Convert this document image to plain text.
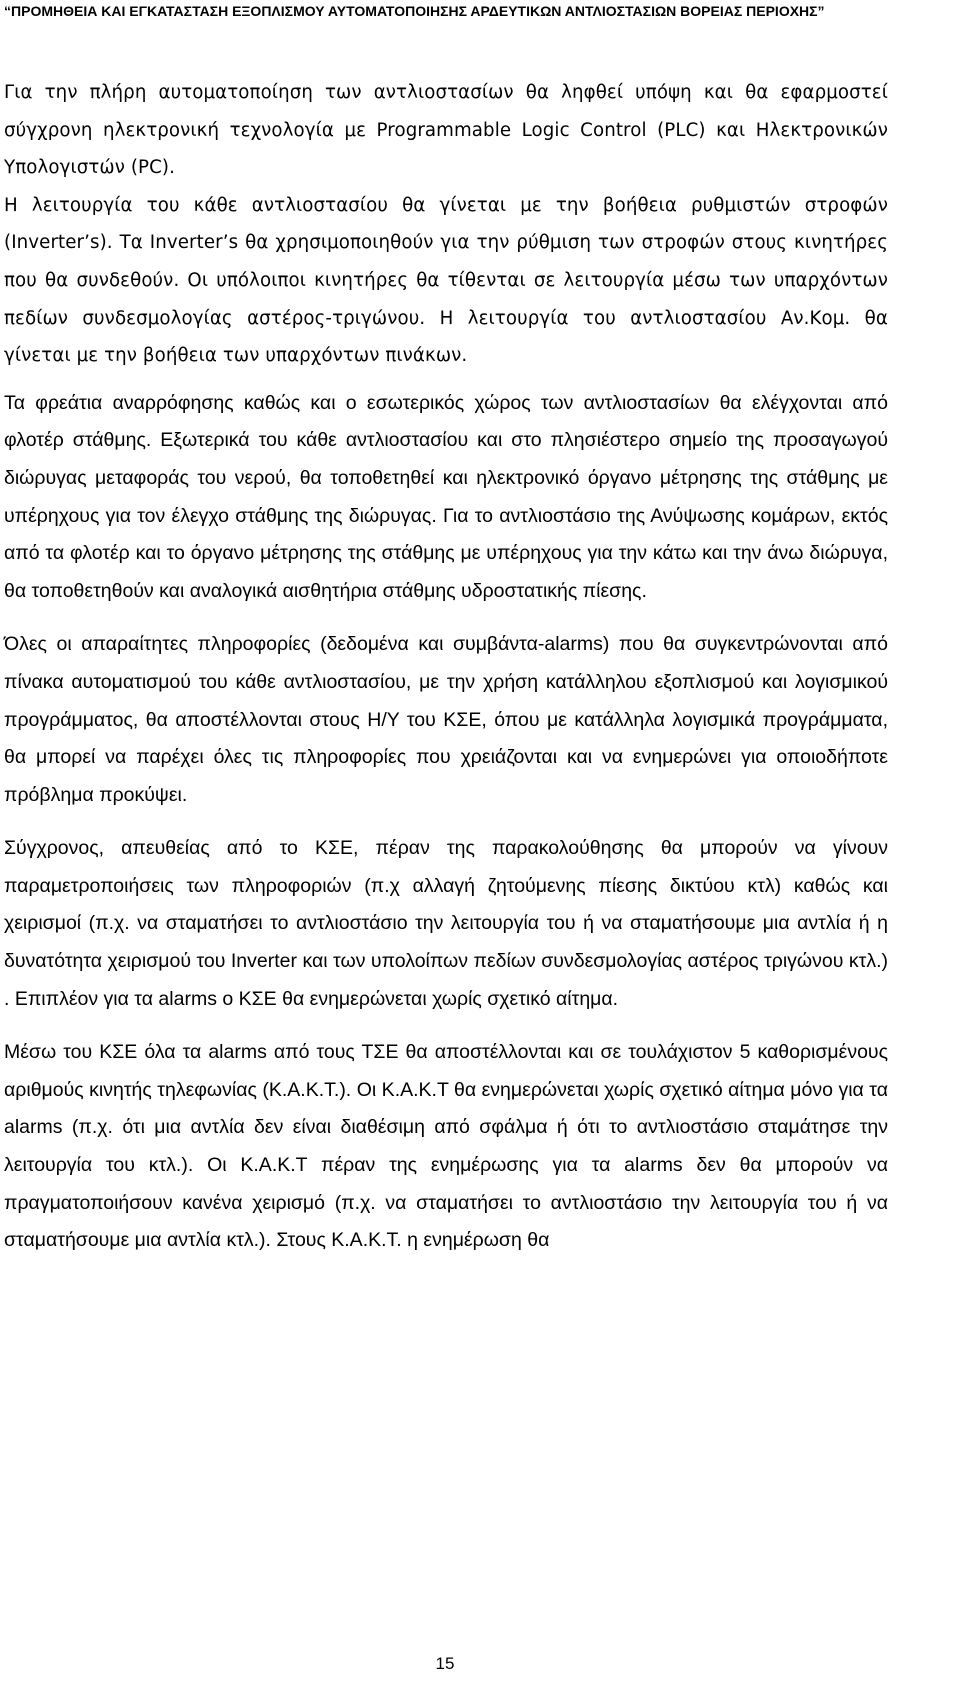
“ΠΡΟΜΗΘΕΙΑ ΚΑΙ ΕΓΚΑΤΑΣΤΑΣΗ ΕΞΟΠΛΙΣΜΟΥ ΑΥΤΟΜΑΤΟΠΟΙΗΣΗΣ ΑΡΔΕΥΤΙΚΩΝ ΑΝΤΛΙΟΣΤΑΣΙΩΝ ΒΟΡΕΙΑΣ ΠΕΡΙΟΧΗΣ”

Για την πλήρη αυτοματοποίηση των αντλιοστασίων θα ληφθεί υπόψη και θα εφαρμοστεί σύγχρονη ηλεκτρονική τεχνολογία με Programmable Logic Control (PLC) και Ηλεκτρονικών Υπολογιστών (PC).

Η λειτουργία του κάθε αντλιοστασίου θα γίνεται με την βοήθεια ρυθμιστών στροφών (Inverter’s). Τα Inverter’s θα χρησιμοποιηθούν για την ρύθμιση των στροφών στους κινητήρες που θα συνδεθούν. Οι υπόλοιποι κινητήρες θα τίθενται σε λειτουργία μέσω των υπαρχόντων πεδίων συνδεσμολογίας αστέρος-τριγώνου. Η λειτουργία του αντλιοστασίου Αν.Κομ. θα γίνεται με την βοήθεια των υπαρχόντων πινάκων.

Τα φρεάτια αναρρόφησης καθώς και ο εσωτερικός χώρος των αντλιοστασίων θα ελέγχονται από φλοτέρ στάθμης. Εξωτερικά του κάθε αντλιοστασίου και στο πλησιέστερο σημείο της προσαγωγού διώρυγας μεταφοράς του νερού, θα τοποθετηθεί και ηλεκτρονικό όργανο μέτρησης της στάθμης με υπέρηχους για τον έλεγχο στάθμης της διώρυγας. Για το αντλιοστάσιο της Ανύψωσης κομάρων, εκτός από τα φλοτέρ και το όργανο μέτρησης της στάθμης με υπέρηχους για την κάτω και την άνω διώρυγα, θα τοποθετηθούν και αναλογικά αισθητήρια στάθμης υδροστατικής πίεσης.

Όλες οι απαραίτητες πληροφορίες (δεδομένα και συμβάντα-alarms) που θα συγκεντρώνονται από πίνακα αυτοματισμού του κάθε αντλιοστασίου, με την χρήση κατάλληλου εξοπλισμού και λογισμικού προγράμματος, θα αποστέλλονται στους Η/Υ του ΚΣΕ, όπου με κατάλληλα λογισμικά προγράμματα, θα μπορεί να παρέχει όλες τις πληροφορίες που χρειάζονται και να ενημερώνει για οποιοδήποτε πρόβλημα προκύψει.

Σύγχρονος, απευθείας από το ΚΣΕ, πέραν της παρακολούθησης θα μπορούν να γίνουν παραμετροποιήσεις των πληροφοριών (π.χ αλλαγή ζητούμενης πίεσης δικτύου κτλ) καθώς και χειρισμοί (π.χ. να σταματήσει το αντλιοστάσιο την λειτουργία του ή να σταματήσουμε μια αντλία ή η δυνατότητα χειρισμού του Inverter και των υπολοίπων πεδίων συνδεσμολογίας αστέρος τριγώνου κτλ.) . Επιπλέον για τα alarms ο ΚΣΕ θα ενημερώνεται χωρίς σχετικό αίτημα.

Μέσω του ΚΣΕ όλα τα alarms από τους ΤΣΕ θα αποστέλλονται και σε τουλάχιστον 5 καθορισμένους αριθμούς κινητής τηλεφωνίας (Κ.Α.Κ.Τ.). Οι Κ.Α.Κ.Τ θα ενημερώνεται χωρίς σχετικό αίτημα μόνο για τα alarms (π.χ. ότι μια αντλία δεν είναι διαθέσιμη από σφάλμα ή ότι το αντλιοστάσιο σταμάτησε την λειτουργία του κτλ.). Οι Κ.Α.Κ.Τ πέραν της ενημέρωσης για τα alarms δεν θα μπορούν να πραγματοποιήσουν κανένα χειρισμό (π.χ. να σταματήσει το αντλιοστάσιο την λειτουργία του ή να σταματήσουμε μια αντλία κτλ.). Στους Κ.Α.Κ.Τ. η ενημέρωση θα

15
